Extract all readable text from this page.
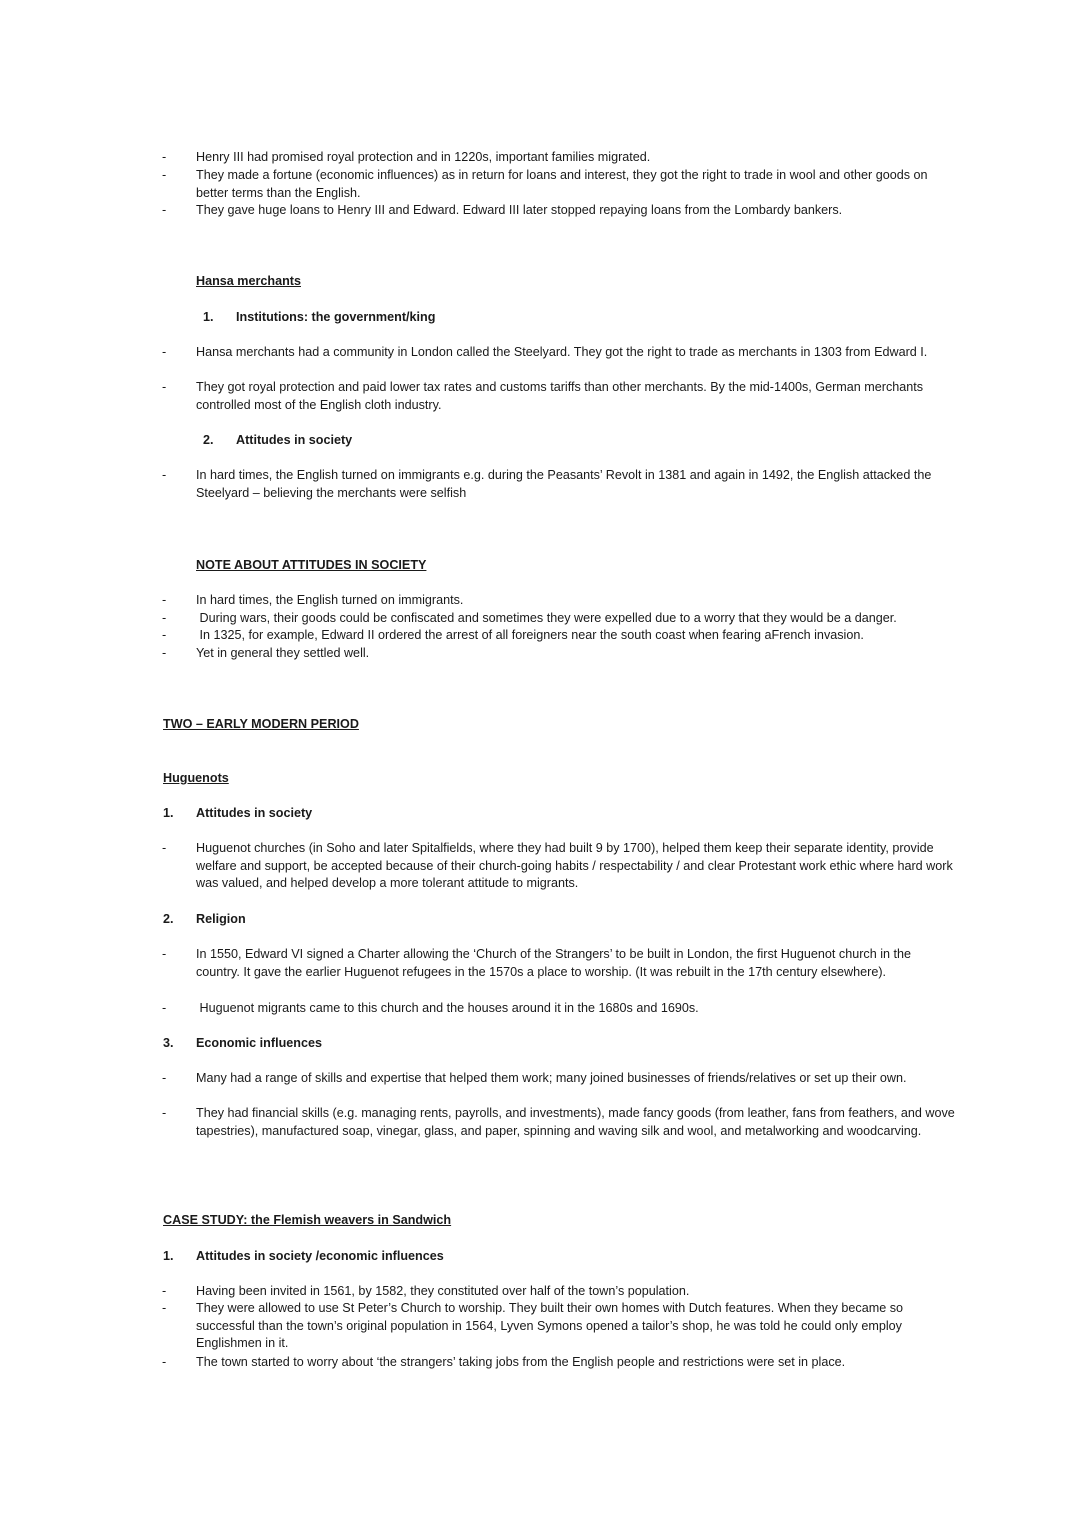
-	Henry III had promised royal protection and in 1220s, important families migrated.
-	They made a fortune (economic influences) as in return for loans and interest, they got the right to trade in wool and other goods on better terms than the English.
-	They gave huge loans to Henry III and Edward. Edward III later stopped repaying loans from the Lombardy bankers.
Hansa merchants
1. Institutions: the government/king
-	Hansa merchants had a community in London called the Steelyard. They got the right to trade as merchants in 1303 from Edward I.
-	They got royal protection and paid lower tax rates and customs tariffs than other merchants. By the mid-1400s, German merchants controlled most of the English cloth industry.
2. Attitudes in society
-	In hard times, the English turned on immigrants e.g. during the Peasants’ Revolt in 1381 and again in 1492, the English attacked the Steelyard – believing the merchants were selfish
NOTE ABOUT ATTITUDES IN SOCIETY
-	In hard times, the English turned on immigrants.
-	During wars, their goods could be confiscated and sometimes they were expelled due to a worry that they would be a danger.
-	In 1325, for example, Edward II ordered the arrest of all foreigners near the south coast when fearing aFrench invasion.
-	Yet in general they settled well.
TWO – EARLY MODERN PERIOD
Huguenots
1. Attitudes in society
-	Huguenot churches (in Soho and later Spitalfields, where they had built 9 by 1700), helped them keep their separate identity, provide welfare and support, be accepted because of their church-going habits / respectability / and clear Protestant work ethic where hard work was valued, and helped develop a more tolerant attitude to migrants.
2. Religion
-	In 1550, Edward VI signed a Charter allowing the ‘Church of the Strangers’ to be built in London, the first Huguenot church in the country. It gave the earlier Huguenot refugees in the 1570s a place to worship. (It was rebuilt in the 17th century elsewhere).
-	Huguenot migrants came to this church and the houses around it in the 1680s and 1690s.
3. Economic influences
-	Many had a range of skills and expertise that helped them work; many joined businesses of friends/relatives or set up their own.
-	They had financial skills (e.g. managing rents, payrolls, and investments), made fancy goods (from leather, fans from feathers, and wove tapestries), manufactured soap, vinegar, glass, and paper, spinning and waving silk and wool, and metalworking and woodcarving.
CASE STUDY: the Flemish weavers in Sandwich
1. Attitudes in society /economic influences
-	Having been invited in 1561, by 1582, they constituted over half of the town’s population.
-	They were allowed to use St Peter’s Church to worship. They built their own homes with Dutch features. When they became so successful than the town’s original population in 1564, Lyven Symons opened a tailor’s shop, he was told he could only employ Englishmen in it.
-	The town started to worry about ‘the strangers’ taking jobs from the English people and restrictions were set in place.
